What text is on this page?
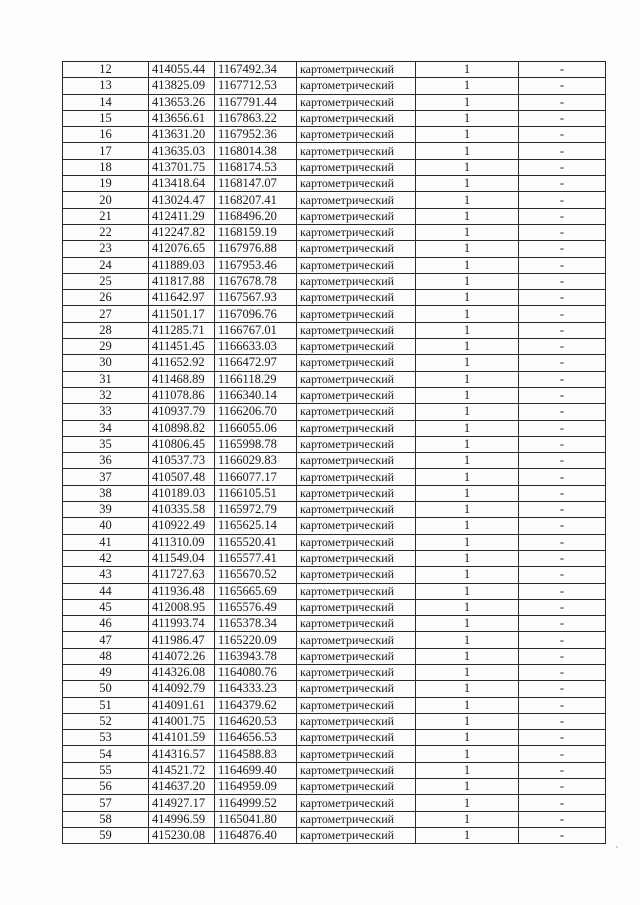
12	414055.44	1167492.34	картометрический	1	-
13	413825.09	1167712.53	картометрический	1	-
14	413653.26	1167791.44	картометрический	1	-
15	413656.61	1167863.22	картометрический	1	-
16	413631.20	1167952.36	картометрический	1	-
17	413635.03	1168014.38	картометрический	1	-
18	413701.75	1168174.53	картометрический	1	-
19	413418.64	1168147.07	картометрический	1	-
20	413024.47	1168207.41	картометрический	1	-
21	412411.29	1168496.20	картометрический	1	-
22	412247.82	1168159.19	картометрический	1	-
23	412076.65	1167976.88	картометрический	1	-
24	411889.03	1167953.46	картометрический	1	-
25	411817.88	1167678.78	картометрический	1	-
26	411642.97	1167567.93	картометрический	1	-
27	411501.17	1167096.76	картометрический	1	-
28	411285.71	1166767.01	картометрический	1	-
29	411451.45	1166633.03	картометрический	1	-
30	411652.92	1166472.97	картометрический	1	-
31	411468.89	1166118.29	картометрический	1	-
32	411078.86	1166340.14	картометрический	1	-
33	410937.79	1166206.70	картометрический	1	-
34	410898.82	1166055.06	картометрический	1	-
35	410806.45	1165998.78	картометрический	1	-
36	410537.73	1166029.83	картометрический	1	-
37	410507.48	1166077.17	картометрический	1	-
38	410189.03	1166105.51	картометрический	1	-
39	410335.58	1165972.79	картометрический	1	-
40	410922.49	1165625.14	картометрический	1	-
41	411310.09	1165520.41	картометрический	1	-
42	411549.04	1165577.41	картометрический	1	-
43	411727.63	1165670.52	картометрический	1	-
44	411936.48	1165665.69	картометрический	1	-
45	412008.95	1165576.49	картометрический	1	-
46	411993.74	1165378.34	картометрический	1	-
47	411986.47	1165220.09	картометрический	1	-
48	414072.26	1163943.78	картометрический	1	-
49	414326.08	1164080.76	картометрический	1	-
50	414092.79	1164333.23	картометрический	1	-
51	414091.61	1164379.62	картометрический	1	-
52	414001.75	1164620.53	картометрический	1	-
53	414101.59	1164656.53	картометрический	1	-
54	414316.57	1164588.83	картометрический	1	-
55	414521.72	1164699.40	картометрический	1	-
56	414637.20	1164959.09	картометрический	1	-
57	414927.17	1164999.52	картометрический	1	-
58	414996.59	1165041.80	картометрический	1	-
59	415230.08	1164876.40	картометрический	1	-
